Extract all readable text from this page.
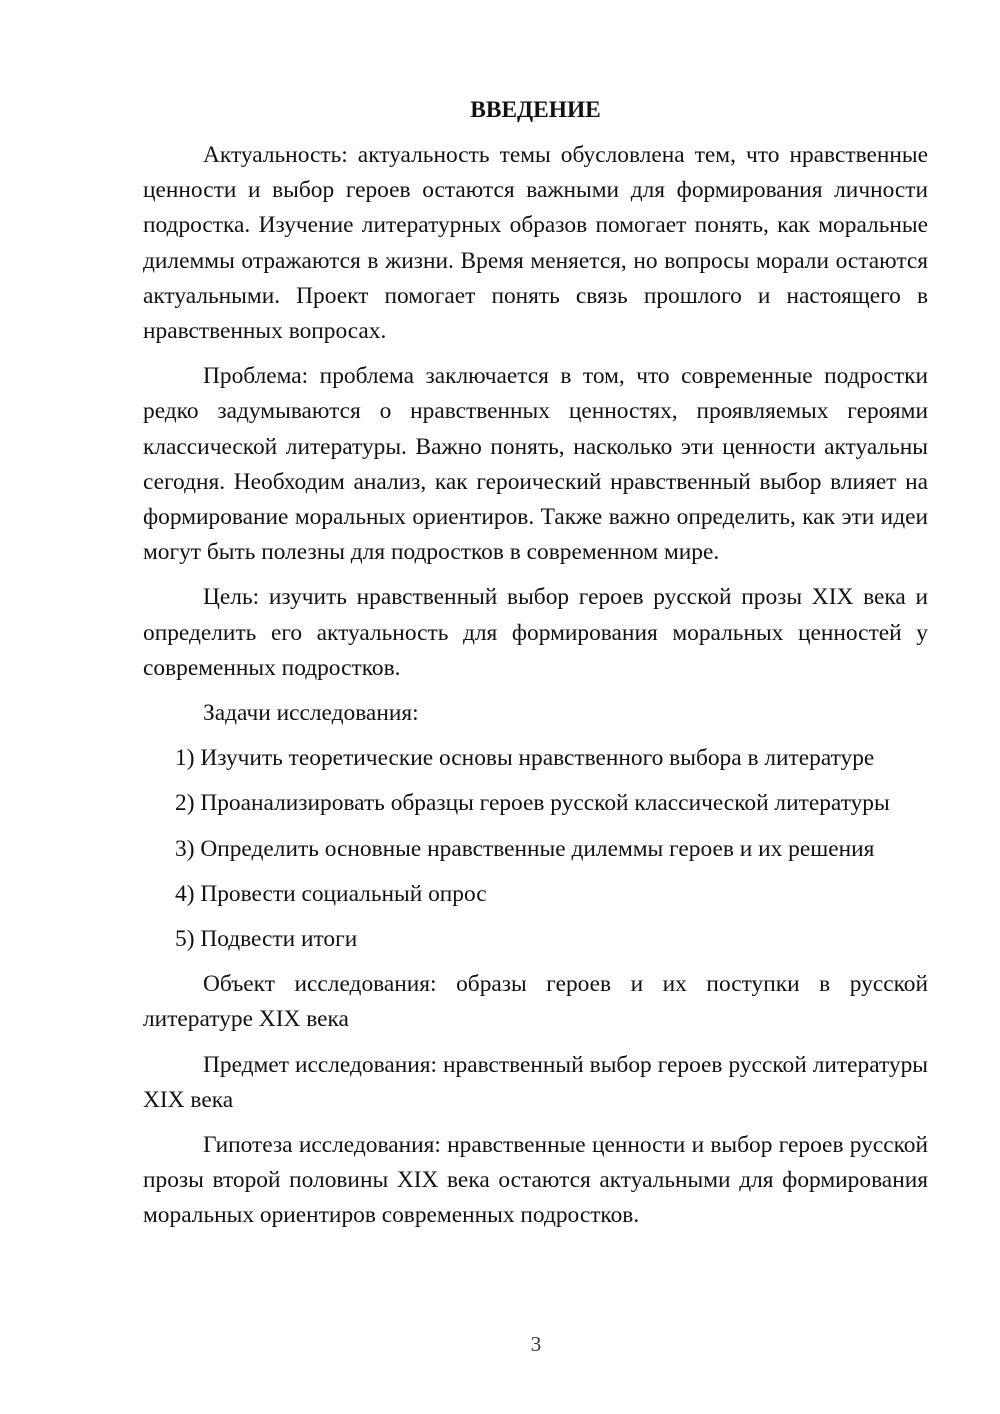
ВВЕДЕНИЕ

Актуальность: актуальность темы обусловлена тем, что нравственные ценности и выбор героев остаются важными для формирования личности подростка. Изучение литературных образов помогает понять, как моральные дилеммы отражаются в жизни. Время меняется, но вопросы морали остаются актуальными. Проект помогает понять связь прошлого и настоящего в нравственных вопросах.

Проблема: проблема заключается в том, что современные подростки редко задумываются о нравственных ценностях, проявляемых героями классической литературы. Важно понять, насколько эти ценности актуальны сегодня. Необходим анализ, как героический нравственный выбор влияет на формирование моральных ориентиров. Также важно определить, как эти идеи могут быть полезны для подростков в современном мире.

Цель: изучить нравственный выбор героев русской прозы XIX века и определить его актуальность для формирования моральных ценностей у современных подростков.

Задачи исследования:

1) Изучить теоретические основы нравственного выбора в литературе

2) Проанализировать образцы героев русской классической литературы

3) Определить основные нравственные дилеммы героев и их решения

4) Провести социальный опрос

5) Подвести итоги

Объект исследования: образы героев и их поступки в русской литературе XIX века

Предмет исследования: нравственный выбор героев русской литературы XIX века

Гипотеза исследования: нравственные ценности и выбор героев русской прозы второй половины XIX века остаются актуальными для формирования моральных ориентиров современных подростков.

3
